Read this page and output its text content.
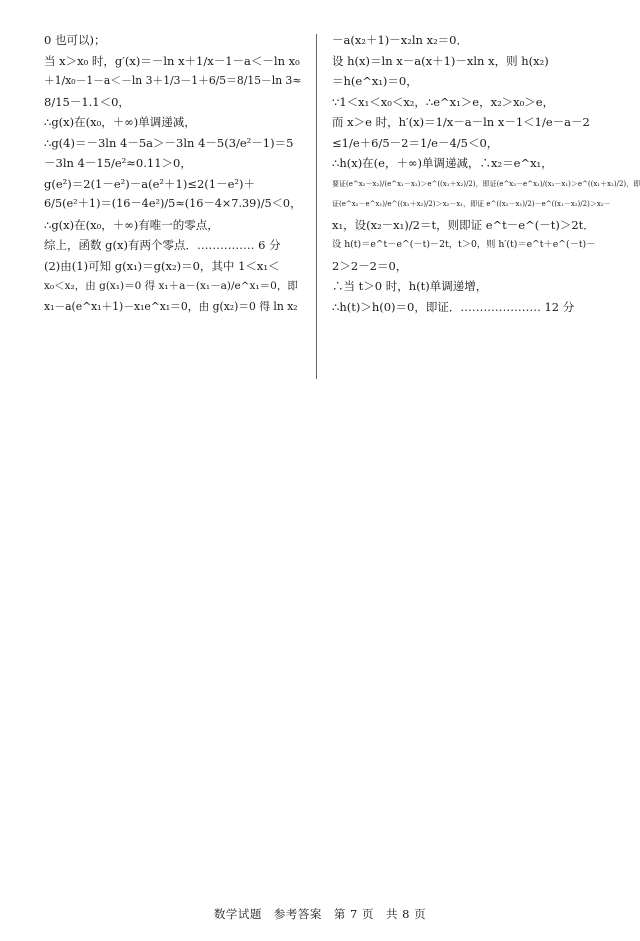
0 也可以)；
当 x＞x₀ 时，g′(x)＝－ln x＋1/x－1－a＜－ln x₀
＋1/x₀－1－a＜－ln 3＋1/3－1＋6/5＝8/15－ln 3≈
8/15－1.1＜0，
∴g(x)在(x₀，＋∞)单调递减，
∴g(4)＝－3ln 4－5a＞－3ln 4－5(3/e²－1)＝5
－3ln 4－15/e²≈0.11＞0，
g(e²)＝2(1－e²)－a(e²＋1)≤2(1－e²)＋
6/5(e²＋1)＝(16－4e²)/5≈(16－4×7.39)/5＜0，
∴g(x)在(x₀，＋∞)有唯一的零点，
综上，函数 g(x)有两个零点．…………… 6 分
(2)由(1)可知 g(x₁)＝g(x₂)＝0，其中 1＜x₁＜
x₀＜x₂，由 g(x₁)＝0 得 x₁＋a－(x₁－a)/e^x₁＝0，即
x₁－a(e^x₁＋1)－x₁e^x₁＝0，由 g(x₂)＝0 得 ln x₂
－a(x₂＋1)－x₂ln x₂＝0．
设 h(x)＝ln x－a(x＋1)－xln x，则 h(x₂)
＝h(e^x₁)＝0，
∵1＜x₁＜x₀＜x₂，∴e^x₁＞e，x₂＞x₀＞e，
而 x＞e 时，h′(x)＝1/x－a－ln x－1＜1/e－a－2
≤1/e＋6/5－2＝1/e－4/5＜0，
∴h(x)在(e，＋∞)单调递减，∴x₂＝e^x₁，
要证(e^x₂－x₂)/(e^x₁－x₁)＞e^((x₁＋x₂)/2)，即证(e^x₂－e^x₁)/(x₂－x₁)＞e^((x₁＋x₂)/2)，即
证(e^x₂－e^x₁)/e^((x₁＋x₂)/2)＞x₂－x₁，即证 e^((x₂－x₁)/2)－e^((x₁－x₂)/2)＞x₂－
x₁，设(x₂－x₁)/2＝t，则即证 e^t－e^(－t)＞2t．
设 h(t)＝e^t－e^(－t)－2t，t＞0，则 h′(t)＝e^t＋e^(－t)－
2＞2－2＝0，
∴当 t＞0 时，h(t)单调递增，
∴h(t)＞h(0)＝0，即证．………………… 12 分
数学试题　参考答案　第 7 页　共 8 页
